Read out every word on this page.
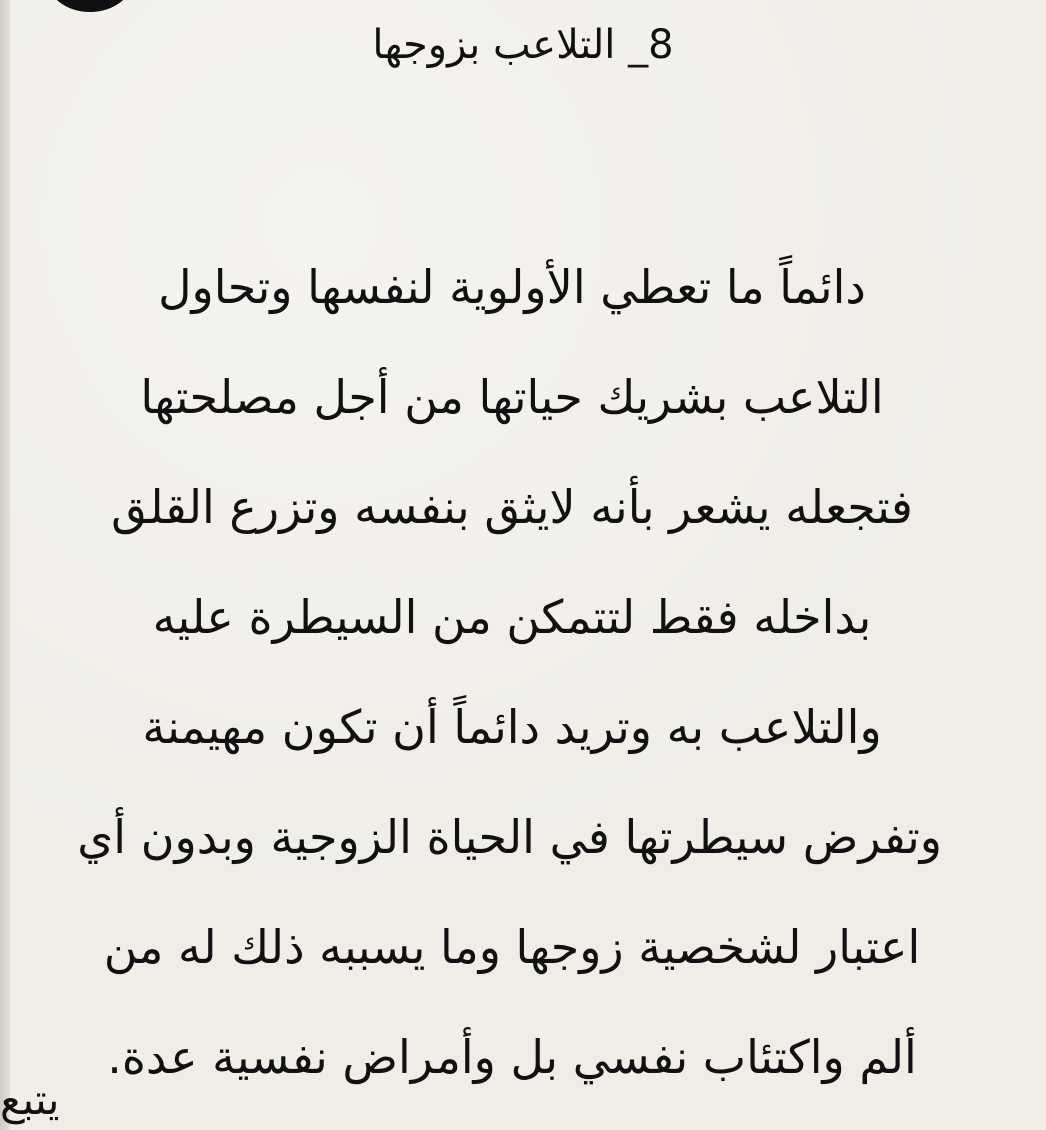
8_ التلاعب بزوجها
دائماً ما تعطي الأولوية لنفسها وتحاول
التلاعب بشريك حياتها من أجل مصلحتها
فتجعله يشعر بأنه لايثق بنفسه وتزرع القلق
بداخله فقط لتتمكن من السيطرة عليه
والتلاعب به وتريد دائماً أن تكون مهيمنة
وتفرض سيطرتها في الحياة الزوجية وبدون أي
اعتبار لشخصية زوجها وما يسببه ذلك له من
ألم واكتئاب نفسي بل وأمراض نفسية عدة.
يتبع
